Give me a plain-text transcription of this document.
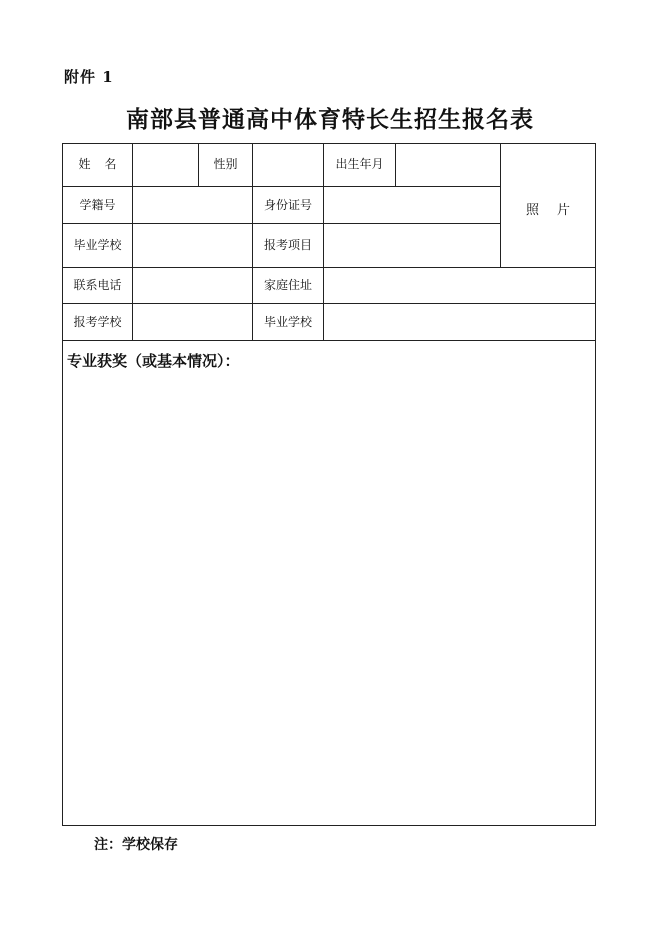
附件 1
南部县普通高中体育特长生招生报名表
姓名	性别	出生年月
照片
学籍号	身份证号
毕业学校	报考项目
联系电话	家庭住址
报考学校	毕业学校
专业获奖（或基本情况）：
注：学校保存
